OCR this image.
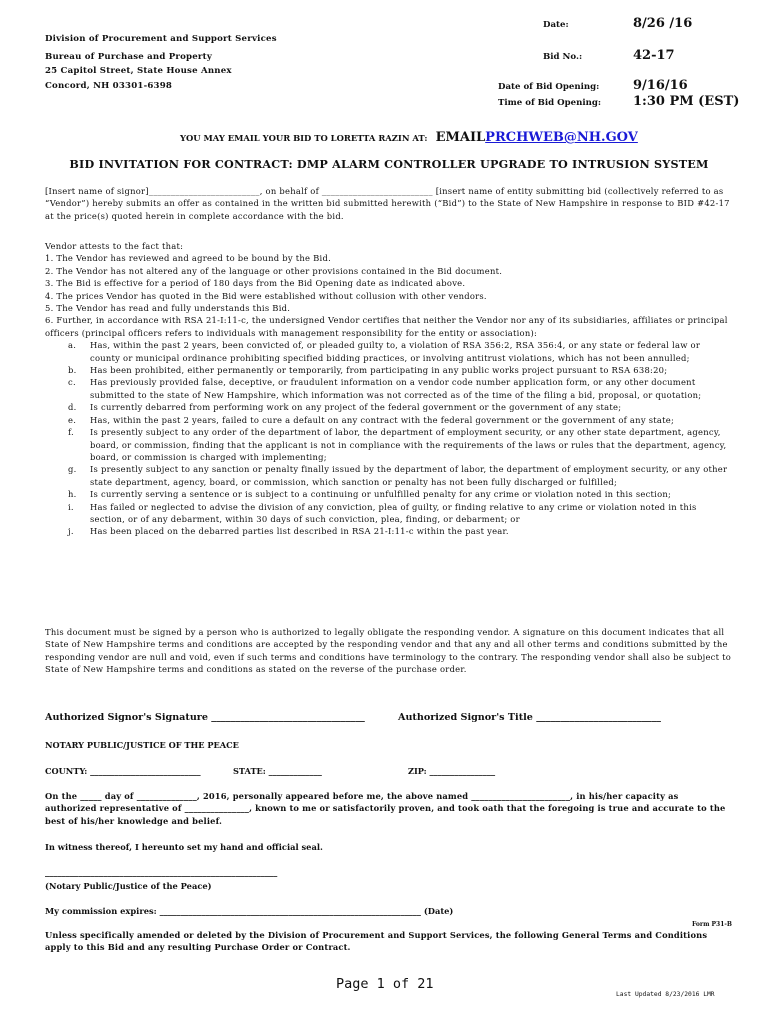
Division of Procurement and Support Services
Bureau of Purchase and Property
25 Capitol Street, State House Annex
Concord, NH 03301-6398
Date:	8/26 /16
Bid No.:	42-17
Date of Bid Opening:	9/16/16
Time of Bid Opening: 1:30 PM (EST)
YOU MAY EMAIL YOUR BID TO LORETTA RAZIN AT: EMAILPRCHWEB@NH.GOV
BID INVITATION FOR CONTRACT: DMP ALARM CONTROLLER UPGRADE TO INTRUSION SYSTEM
[Insert name of signor]_________________________, on behalf of _________________________ [insert name of entity submitting bid (collectively referred to as “Vendor”) hereby submits an offer as contained in the written bid submitted herewith (“Bid”) to the State of New Hampshire in response to BID #42-17 at the price(s) quoted herein in complete accordance with the bid.
Vendor attests to the fact that:
1. The Vendor has reviewed and agreed to be bound by the Bid.
2. The Vendor has not altered any of the language or other provisions contained in the Bid document.
3. The Bid is effective for a period of 180 days from the Bid Opening date as indicated above.
4. The prices Vendor has quoted in the Bid were established without collusion with other vendors.
5. The Vendor has read and fully understands this Bid.
6. Further, in accordance with RSA 21-I:11-c, the undersigned Vendor certifies that neither the Vendor nor any of its subsidiaries, affiliates or principal officers (principal officers refers to individuals with management responsibility for the entity or association):
a. Has, within the past 2 years, been convicted of, or pleaded guilty to, a violation of RSA 356:2, RSA 356:4, or any state or federal law or county or municipal ordinance prohibiting specified bidding practices, or involving antitrust violations, which has not been annulled;
b. Has been prohibited, either permanently or temporarily, from participating in any public works project pursuant to RSA 638:20;
c. Has previously provided false, deceptive, or fraudulent information on a vendor code number application form, or any other document submitted to the state of New Hampshire, which information was not corrected as of the time of the filing a bid, proposal, or quotation;
d. Is currently debarred from performing work on any project of the federal government or the government of any state;
e. Has, within the past 2 years, failed to cure a default on any contract with the federal government or the government of any state;
f. Is presently subject to any order of the department of labor, the department of employment security, or any other state department, agency, board, or commission, finding that the applicant is not in compliance with the requirements of the laws or rules that the department, agency, board, or commission is charged with implementing;
g. Is presently subject to any sanction or penalty finally issued by the department of labor, the department of employment security, or any other state department, agency, board, or commission, which sanction or penalty has not been fully discharged or fulfilled;
h. Is currently serving a sentence or is subject to a continuing or unfulfilled penalty for any crime or violation noted in this section;
i. Has failed or neglected to advise the division of any conviction, plea of guilty, or finding relative to any crime or violation noted in this section, or of any debarment, within 30 days of such conviction, plea, finding, or debarment; or
j. Has been placed on the debarred parties list described in RSA 21-I:11-c within the past year.
This document must be signed by a person who is authorized to legally obligate the responding vendor. A signature on this document indicates that all State of New Hampshire terms and conditions are accepted by the responding vendor and that any and all other terms and conditions submitted by the responding vendor are null and void, even if such terms and conditions have terminology to the contrary. The responding vendor shall also be subject to State of New Hampshire terms and conditions as stated on the reverse of the purchase order.
Authorized Signor's Signature ________________________________	Authorized Signor's Title __________________________
NOTARY PUBLIC/JUSTICE OF THE PEACE
COUNTY: ___________________________	STATE: _____________	ZIP: ________________
On the _____ day of ______________, 2016, personally appeared before me, the above named _______________________, in his/her capacity as authorized representative of _______________, known to me or satisfactorily proven, and took oath that the foregoing is true and accurate to the best of his/her knowledge and belief.
In witness thereof, I hereunto set my hand and official seal.
________________________________________________________
(Notary Public/Justice of the Peace)
My commission expires: _______________________________________________________________ (Date)
Form P31-B
Unless specifically amended or deleted by the Division of Procurement and Support Services, the following General Terms and Conditions apply to this Bid and any resulting Purchase Order or Contract.
Page 1 of 21
Last Updated 8/23/2016 LMR
